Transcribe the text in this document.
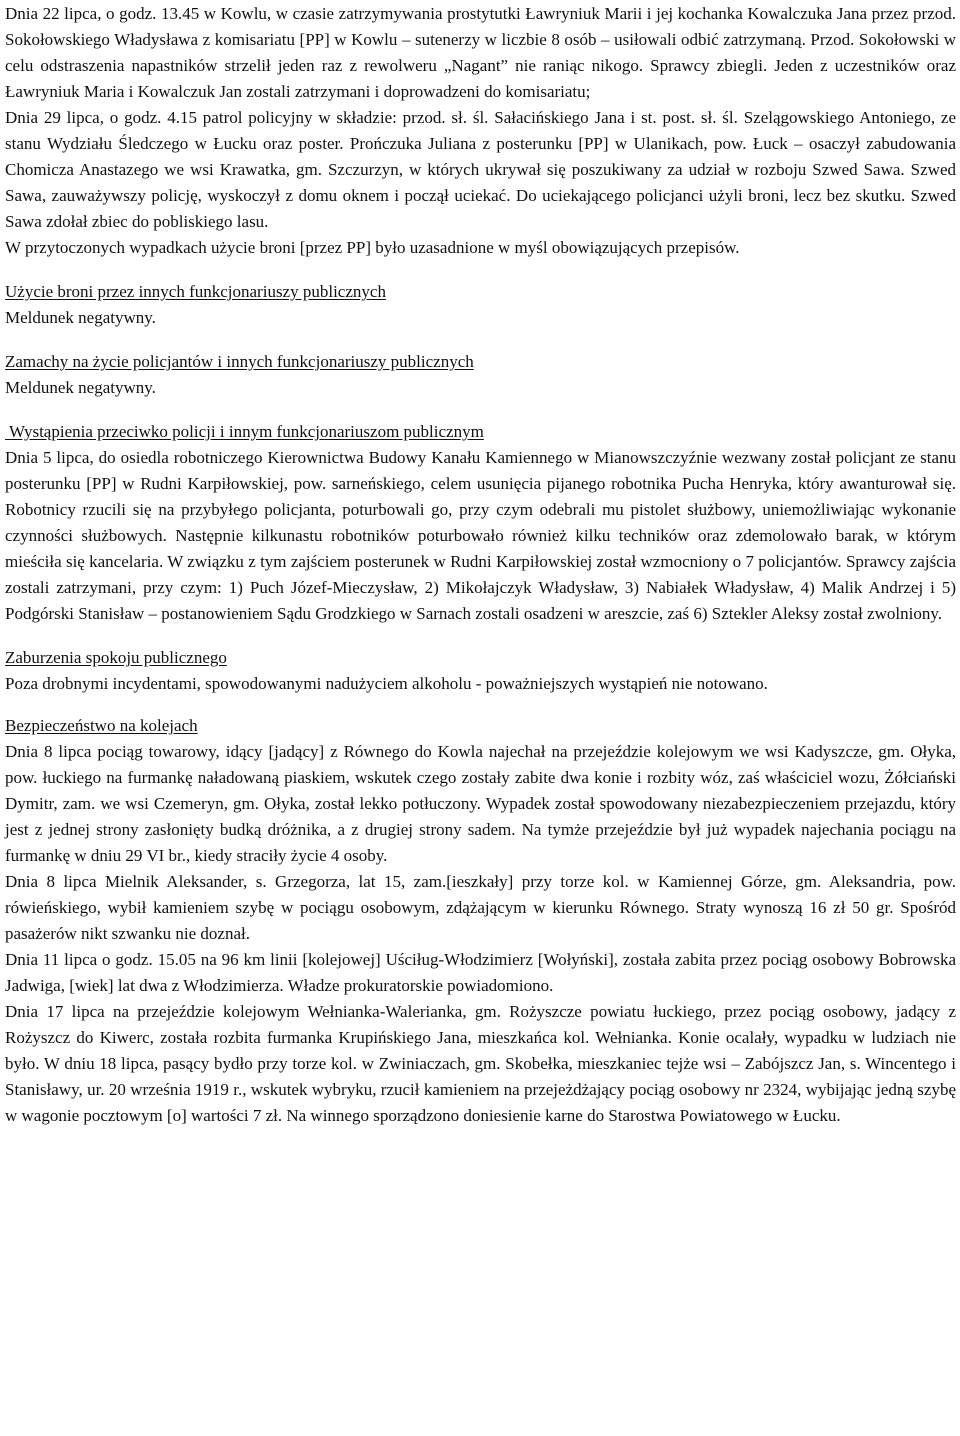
Dnia 22 lipca, o godz. 13.45 w Kowlu, w czasie zatrzymywania prostytutki Ławryniuk Marii i jej kochanka Kowalczuka Jana przez przod. Sokołowskiego Władysława z komisariatu [PP] w Kowlu – sutenerzy w liczbie 8 osób – usiłowali odbić zatrzymaną. Przod. Sokołowski w celu odstraszenia napastników strzelił jeden raz z rewolweru „Nagant” nie raniąc nikogo. Sprawcy zbiegli. Jeden z uczestników oraz Ławryniuk Maria i Kowalczuk Jan zostali zatrzymani i doprowadzeni do komisariatu;

Dnia 29 lipca, o godz. 4.15 patrol policyjny w składzie: przod. sł. śl. Sałacińskiego Jana i st. post. sł. śl. Szelągowskiego Antoniego, ze stanu Wydziału Śledczego w Łucku oraz poster. Prończuka Juliana z posterunku [PP] w Ulanikach, pow. Łuck – osaczył zabudowania Chomicza Anastazego we wsi Krawatka, gm. Szczurzyn, w których ukrywał się poszukiwany za udział w rozboju Szwed Sawa. Szwed Sawa, zauważywszy policję, wyskoczył z domu oknem i począł uciekać. Do uciekającego policjanci użyli broni, lecz bez skutku. Szwed Sawa zdołał zbiec do pobliskiego lasu.

W przytoczonych wypadkach użycie broni [przez PP] było uzasadnione w myśl obowiązujących przepisów.

Użycie broni przez innych funkcjonariuszy publicznych

Meldunek negatywny.

Zamachy na życie policjantów i innych funkcjonariuszy publicznych

Meldunek negatywny.

Wystąpienia przeciwko policji i innym funkcjonariuszom publicznym

Dnia 5 lipca, do osiedla robotniczego Kierownictwa Budowy Kanału Kamiennego w Mianowszczyźnie wezwany został policjant ze stanu posterunku [PP] w Rudni Karpiłowskiej, pow. sarneńskiego, celem usunięcia pijanego robotnika Pucha Henryka, który awanturował się. Robotnicy rzucili się na przybyłego policjanta, poturbowali go, przy czym odebrali mu pistolet służbowy, uniemożliwiając wykonanie czynności służbowych. Następnie kilkunastu robotników poturbowało również kilku techników oraz zdemolowało barak, w którym mieściła się kancelaria. W związku z tym zajściem posterunek w Rudni Karpiłowskiej został wzmocniony o 7 policjantów. Sprawcy zajścia zostali zatrzymani, przy czym: 1) Puch Józef-Mieczysław, 2) Mikołajczyk Władysław, 3) Nabiałek Władysław, 4) Malik Andrzej i 5) Podgórski Stanisław – postanowieniem Sądu Grodzkiego w Sarnach zostali osadzeni w areszcie, zaś 6) Sztekler Aleksy został zwolniony.

Zaburzenia spokoju publicznego

Poza drobnymi incydentami, spowodowanymi nadużyciem alkoholu - poważniejszych wystąpień nie notowano.

Bezpieczeństwo na kolejach

Dnia 8 lipca pociąg towarowy, idący [jadący] z Równego do Kowla najechał na przejeździe kolejowym we wsi Kadyszcze, gm. Ołyka, pow. łuckiego na furmankę naładowaną piaskiem, wskutek czego zostały zabite dwa konie i rozbity wóz, zaś właściciel wozu, Żółciański Dymitr, zam. we wsi Czemeryn, gm. Ołyka, został lekko potłuczony. Wypadek został spowodowany niezabezpieczeniem przejazdu, który jest z jednej strony zasłonięty budką dróżnika, a z drugiej strony sadem. Na tymże przejeździe był już wypadek najechania pociągu na furmankę w dniu 29 VI br., kiedy straciły życie 4 osoby.

Dnia 8 lipca Mielnik Aleksander, s. Grzegorza, lat 15, zam.[ieszkały] przy torze kol. w Kamiennej Górze, gm. Aleksandria, pow. rówieńskiego, wybił kamieniem szybę w pociągu osobowym, zdążającym w kierunku Równego. Straty wynoszą 16 zł 50 gr. Spośród pasażerów nikt szwanku nie doznał.

Dnia 11 lipca o godz. 15.05 na 96 km linii [kolejowej] Uściług-Włodzimierz [Wołyński], została zabita przez pociąg osobowy Bobrowska Jadwiga, [wiek] lat dwa z Włodzimierza. Władze prokuratorskie powiadomiono.

Dnia 17 lipca na przejeździe kolejowym Wełnianka-Walerianka, gm. Rożyszcze powiatu łuckiego, przez pociąg osobowy, jadący z Rożyszcz do Kiwerc, została rozbita furmanka Krupińskiego Jana, mieszkańca kol. Wełnianka. Konie ocalały, wypadku w ludziach nie było. W dniu 18 lipca, pasący bydło przy torze kol. w Zwiniaczach, gm. Skobełka, mieszkaniec tejże wsi – Zabójszcz Jan, s. Wincentego i Stanisławy, ur. 20 września 1919 r., wskutek wybryku, rzucił kamieniem na przejeżdżający pociąg osobowy nr 2324, wybijając jedną szybę w wagonie pocztowym [o] wartości 7 zł. Na winnego sporządzono doniesienie karne do Starostwa Powiatowego w Łucku.
